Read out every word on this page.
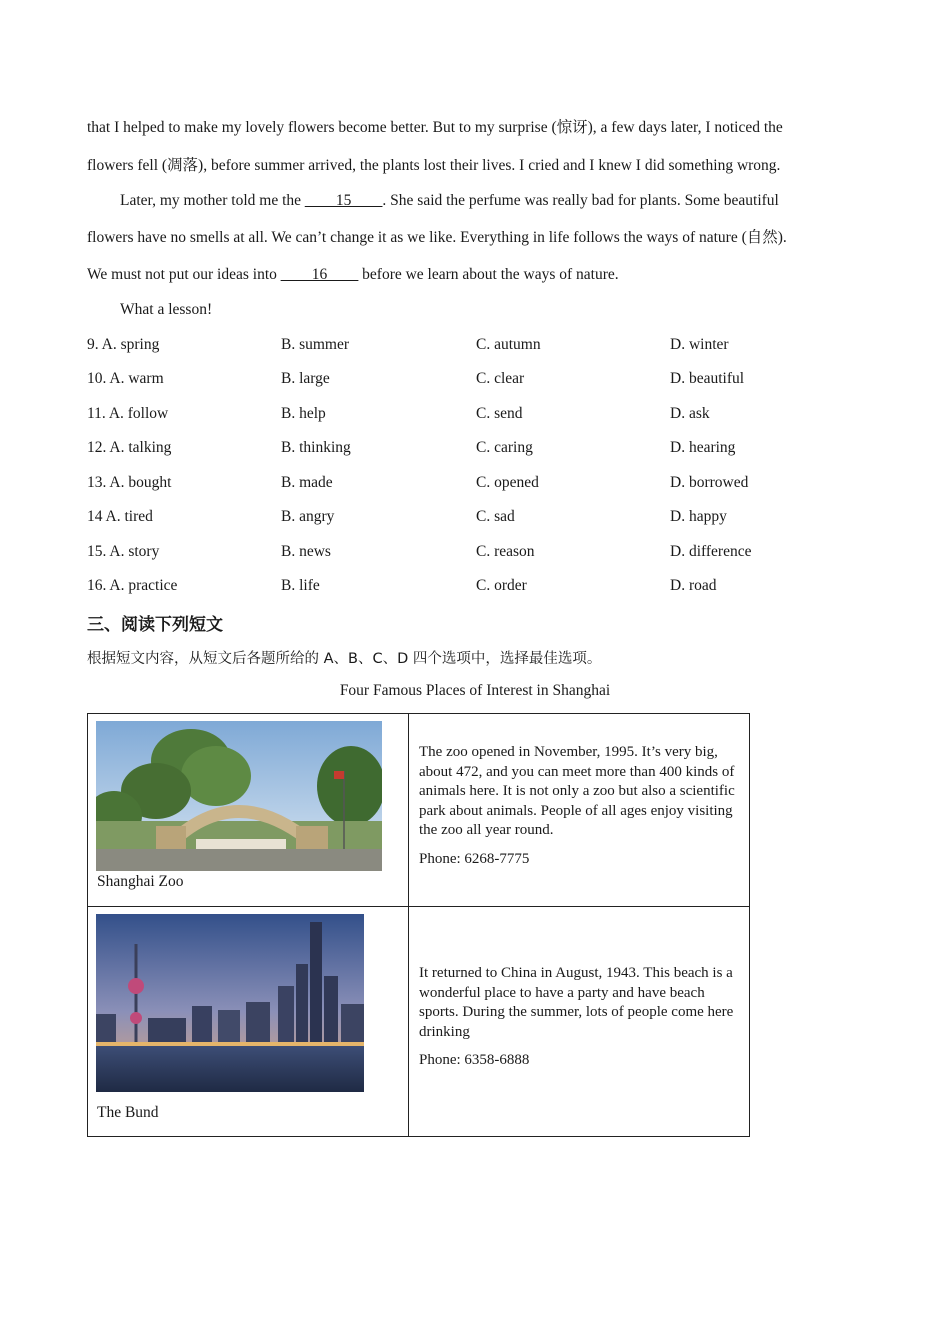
that I helped to make my lovely flowers become better. But to my surprise (惊讶), a few days later, I noticed the
flowers fell (凋落), before summer arrived, the plants lost their lives. I cried and I knew I did something wrong.
Later, my mother told me the ____15____. She said the perfume was really bad for plants. Some beautiful
flowers have no smells at all. We can’t change it as we like. Everything in life follows the ways of nature (自然).
We must not put our ideas into ____16____ before we learn about the ways of nature.
What a lesson!
9. A. spring	B. summer	C. autumn	D. winter
10. A. warm	B. large	C. clear	D. beautiful
11. A. follow	B. help	C. send	D. ask
12. A. talking	B. thinking	C. caring	D. hearing
13. A. bought	B. made	C. opened	D. borrowed
14 A. tired	B. angry	C. sad	D. happy
15. A. story	B. news	C. reason	D. difference
16. A. practice	B. life	C. order	D. road
三、阅读下列短文
根据短文内容，从短文后各题所给的 A、B、C、D 四个选项中，选择最佳选项。
Four Famous Places of Interest in Shanghai
Shanghai Zoo	The zoo opened in November, 1995. It’s very big, about 472, and you can meet more than 400 kinds of animals here. It is not only a zoo but also a scientific park about animals. People of all ages enjoy visiting the zoo all year round.

Phone: 6268-7775

The Bund	It returned to China in August, 1943. This beach is a wonderful place to have a party and have beach sports. During the summer, lots of people come here drinking

Phone: 6358-6888
